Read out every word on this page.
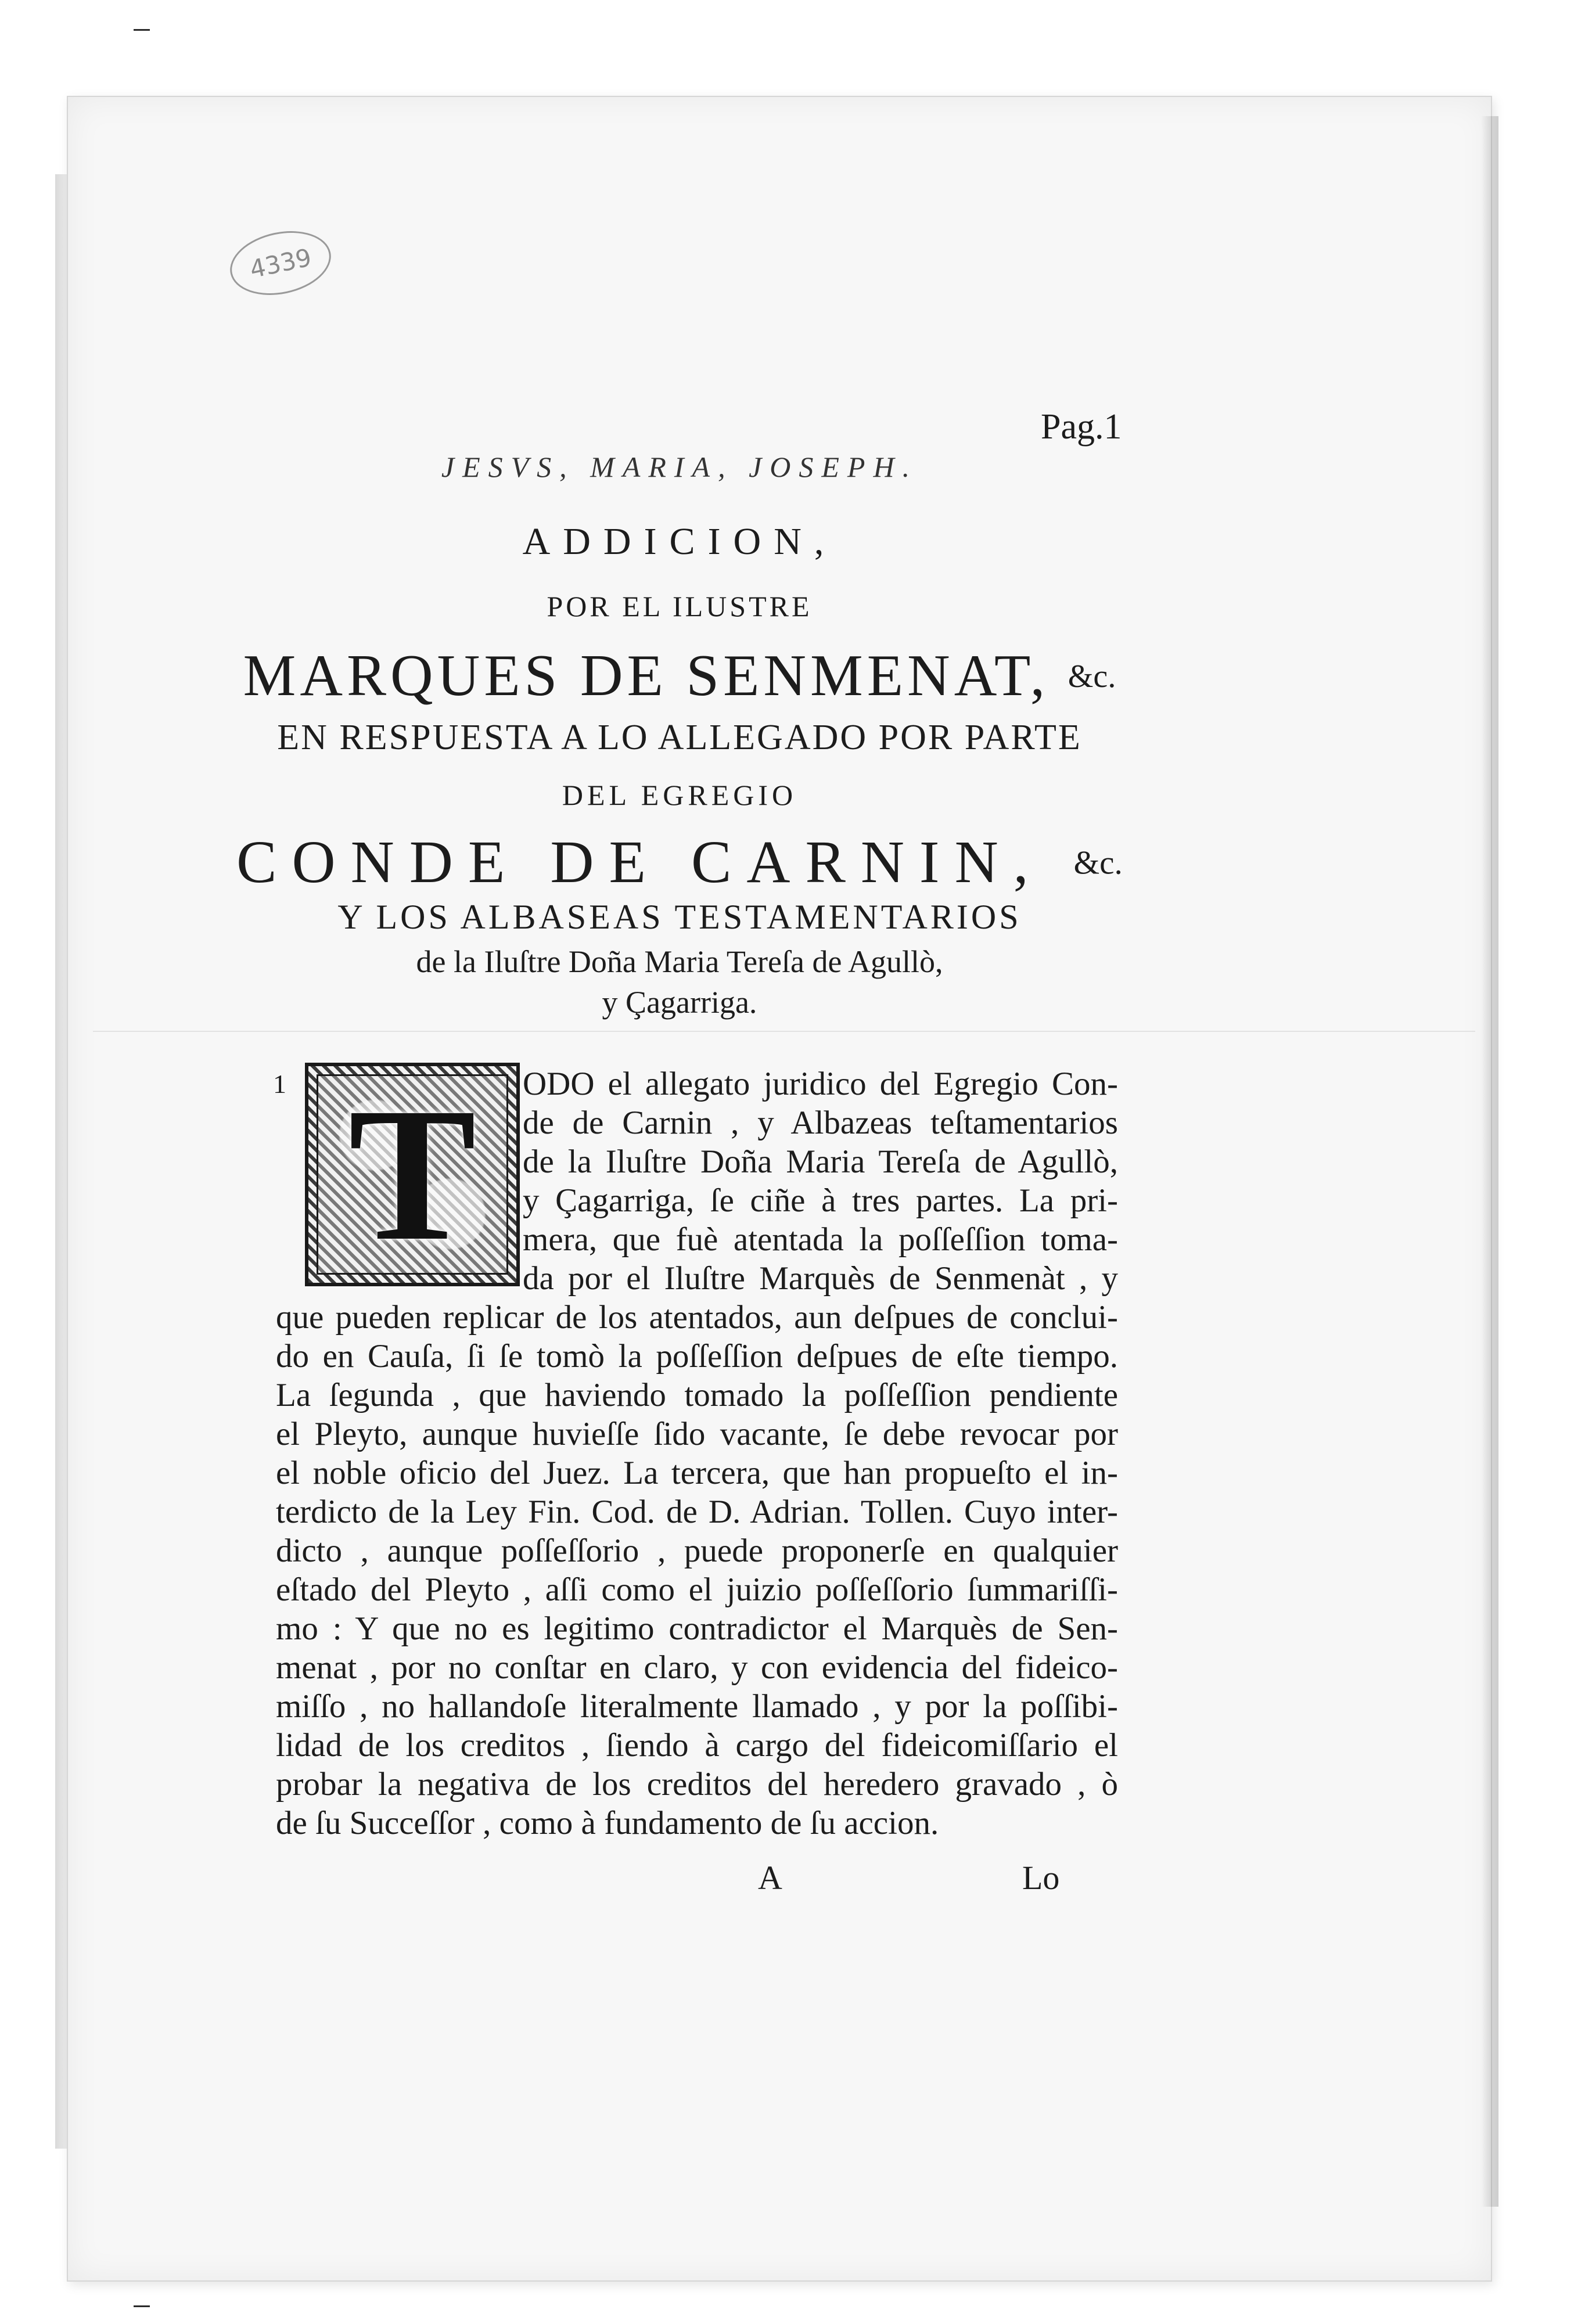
4339
Pag.1
JESVS, MARIA, JOSEPH.
ADDICION,
POR EL ILUSTRE
MARQUES DE SENMENAT, &c.
EN RESPUESTA A LO ALLEGADO POR PARTE
DEL EGREGIO
CONDE DE CARNIN, &c.
Y LOS ALBASEAS TESTAMENTARIOS
de la Iluſtre Doña Maria Tereſa de Agullò,
y Çagarriga.
1 T ODO el allegato juridico del Egregio Con-
de de Carnin , y Albazeas teſtamentarios
de la Iluſtre Doña Maria Tereſa de Agullò,
y Çagarriga, ſe ciñe à tres partes. La pri-
mera, que fuè atentada la poſſeſſion toma-
da por el Iluſtre Marquès de Senmenàt , y
que pueden replicar de los atentados, aun deſpues de conclui-
do en Cauſa, ſi ſe tomò la poſſeſſion deſpues de eſte tiempo.
La ſegunda , que haviendo tomado la poſſeſſion pendiente
el Pleyto, aunque huvieſſe ſido vacante, ſe debe revocar por
el noble oficio del Juez. La tercera, que han propueſto el in-
terdicto de la Ley Fin. Cod. de D. Adrian. Tollen. Cuyo inter-
dicto , aunque poſſeſſorio , puede proponerſe en qualquier
eſtado del Pleyto , aſſi como el juizio poſſeſſorio ſummariſſi-
mo : Y que no es legitimo contradictor el Marquès de Sen-
menat , por no conſtar en claro, y con evidencia del fideico-
miſſo , no hallandoſe literalmente llamado , y por la poſſibi-
lidad de los creditos , ſiendo à cargo del fideicomiſſario el
probar la negativa de los creditos del heredero gravado , ò
de ſu Succeſſor , como à fundamento de ſu accion.
A	Lo
